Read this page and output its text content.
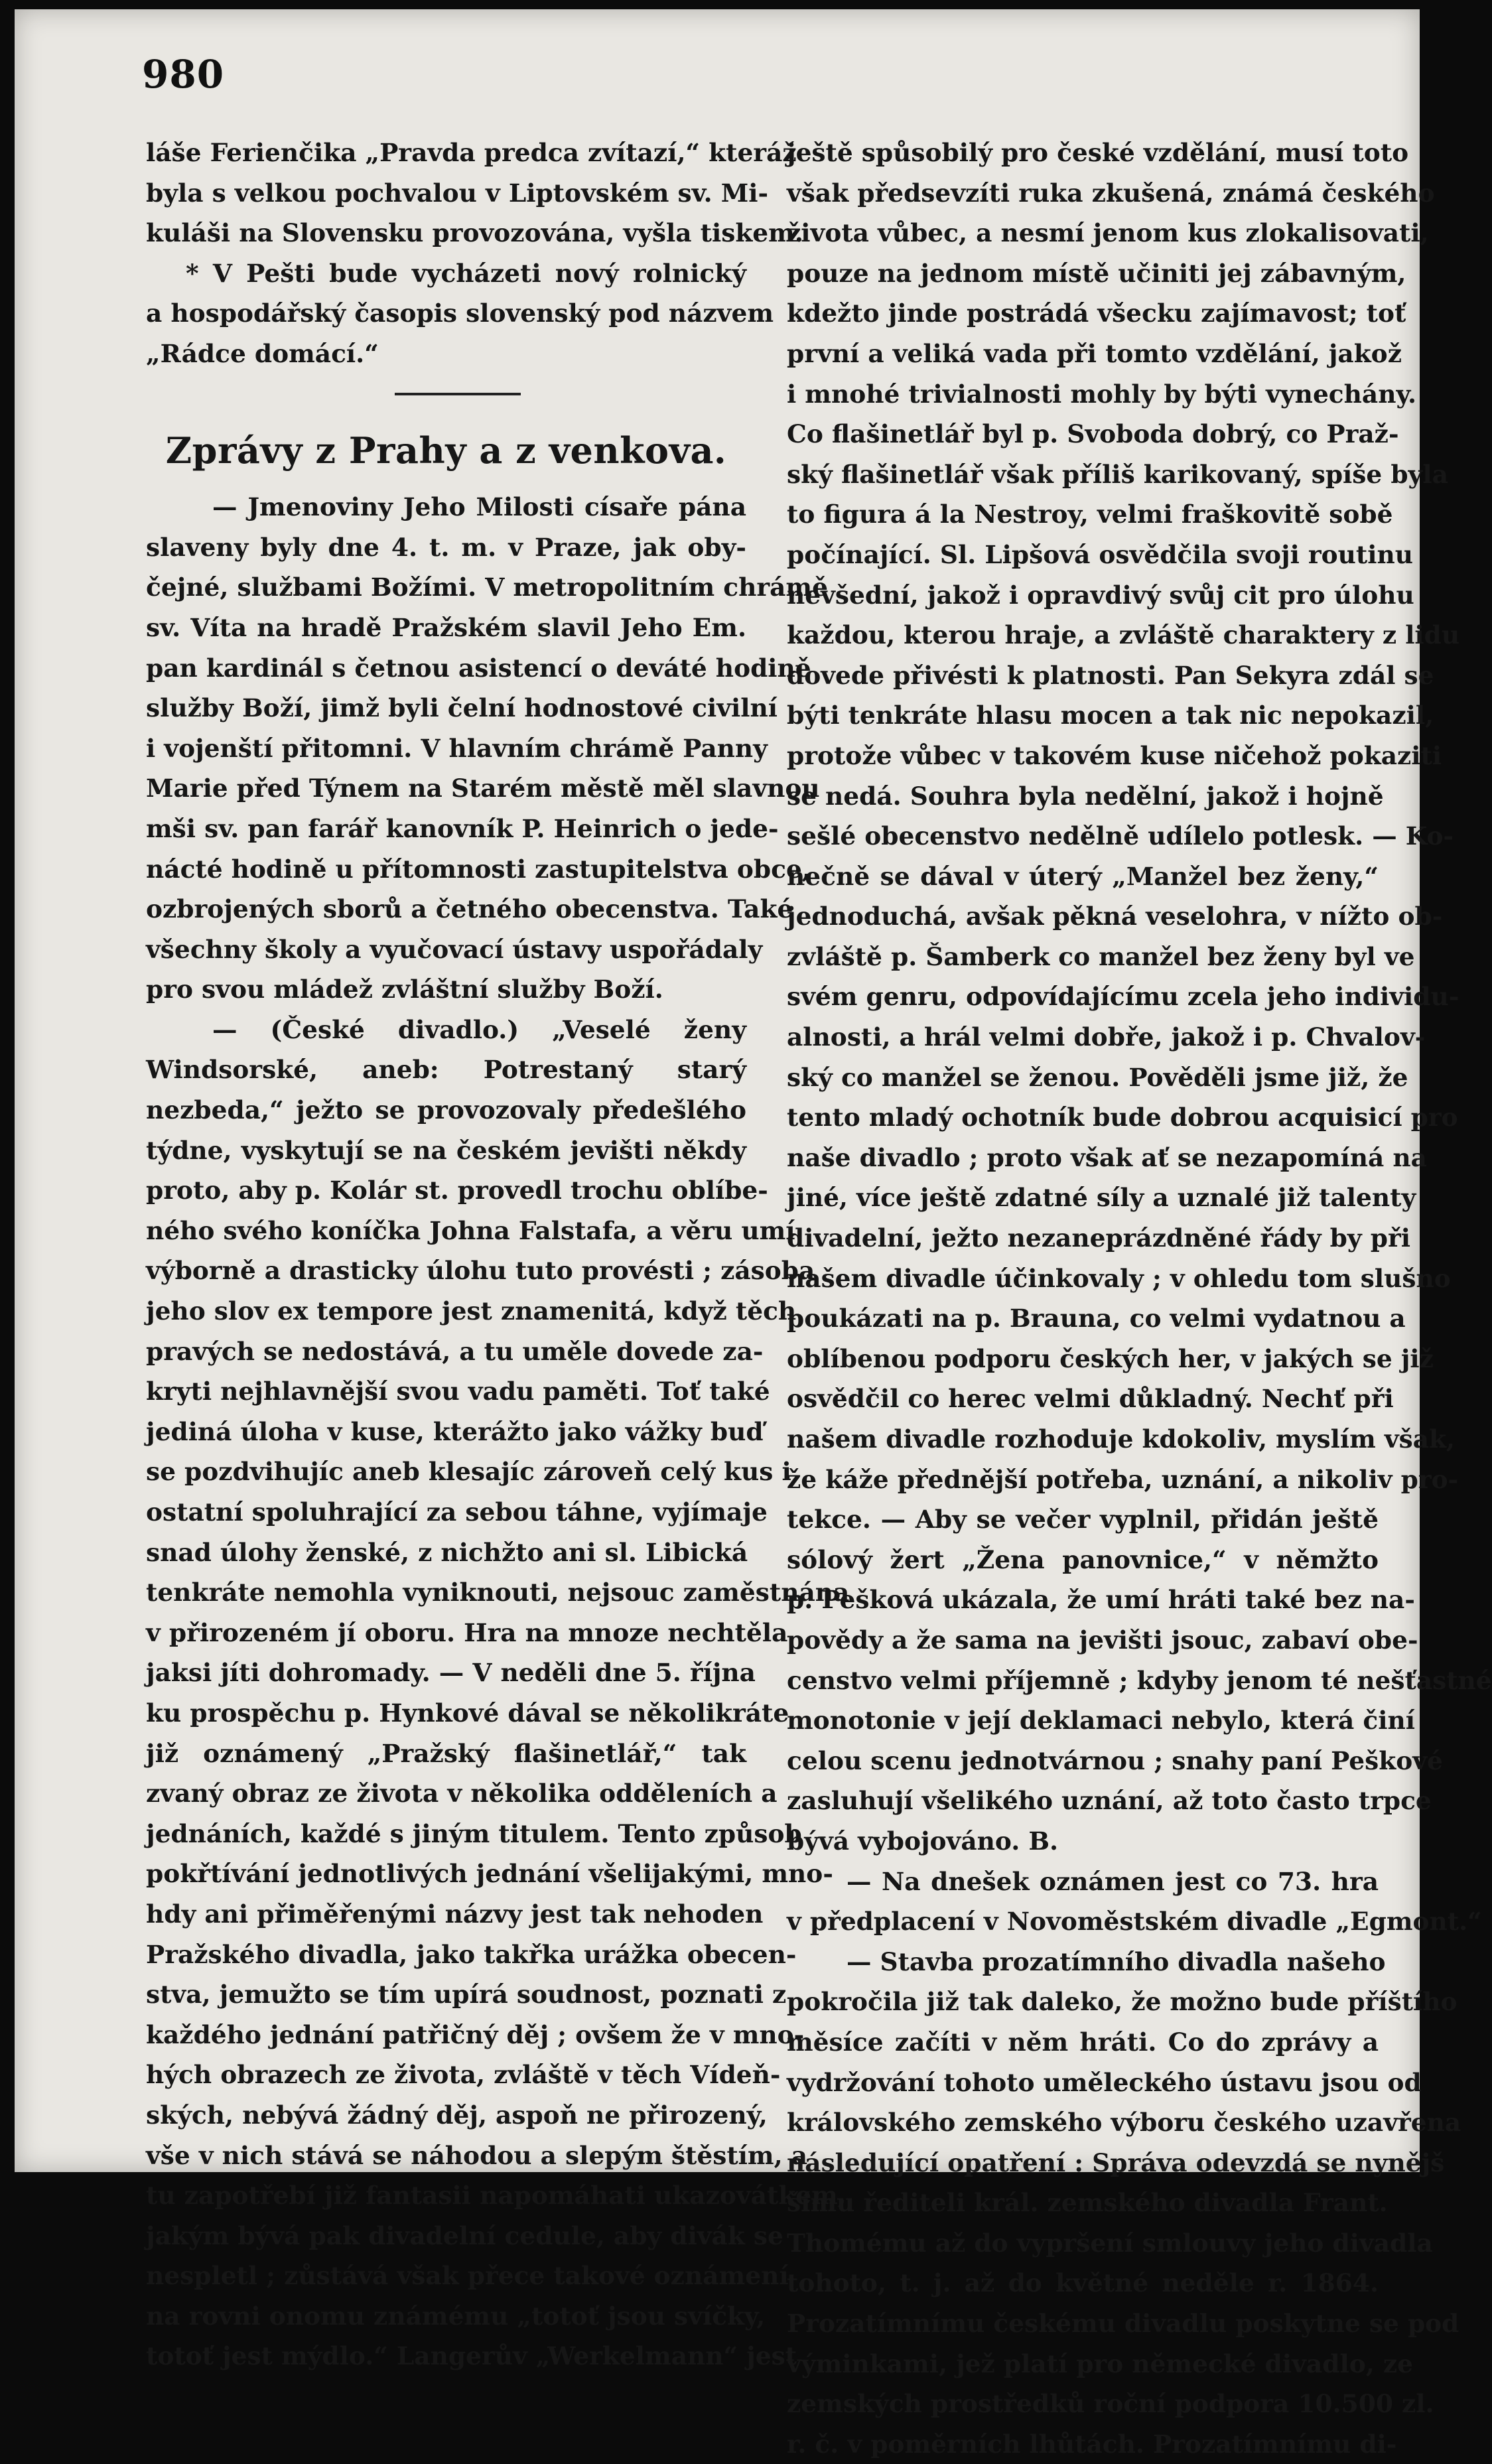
980
láše Ferienčika „Pravda predca zvítazí,“ kteráž
byla s velkou pochvalou v Liptovském sv. Mi-
kuláši na Slovensku provozována, vyšla tiskem.
* V Pešti bude vycházeti nový rolnický
a hospodářský časopis slovenský pod názvem
„Rádce domácí.“
Zprávy z Prahy a z venkova.
— Jmenoviny Jeho Milosti císaře pána
slaveny byly dne 4. t. m. v Praze, jak oby-
čejné, službami Božími. V metropolitním chrámě
sv. Víta na hradě Pražském slavil Jeho Em.
pan kardinál s četnou asistencí o deváté hodině
služby Boží, jimž byli čelní hodnostové civilní
i vojenští přitomni. V hlavním chrámě Panny
Marie před Týnem na Starém městě měl slavnou
mši sv. pan farář kanovník P. Heinrich o jede-
nácté hodině u přítomnosti zastupitelstva obce,
ozbrojených sborů a četného obecenstva. Také
všechny školy a vyučovací ústavy uspořádaly
pro svou mládež zvláštní služby Boží.
— (České divadlo.) „Veselé ženy
Windsorské, aneb: Potrestaný starý
nezbeda,“ ježto se provozovaly předešlého
týdne, vyskytují se na českém jevišti někdy
proto, aby p. Kolár st. provedl trochu oblíbe-
ného svého koníčka Johna Falstafa, a věru umí
výborně a drasticky úlohu tuto provésti ; zásoba
jeho slov ex tempore jest znamenitá, když těch
pravých se nedostává, a tu uměle dovede za-
kryti nejhlavnější svou vadu paměti. Toť také
jediná úloha v kuse, kterážto jako vážky buď
se pozdvihujíc aneb klesajíc zároveň celý kus i
ostatní spoluhrající za sebou táhne, vyjímaje
snad úlohy ženské, z nichžto ani sl. Libická
tenkráte nemohla vyniknouti, nejsouc zaměstnána
v přirozeném jí oboru. Hra na mnoze nechtěla
jaksi jíti dohromady. — V neděli dne 5. října
ku prospěchu p. Hynkové dával se několikráte
již oznámený „Pražský flašinetlář,“ tak
zvaný obraz ze života v několika odděleních a
jednáních, každé s jiným titulem. Tento způsob
pokřtívání jednotlivých jednání všelijakými, mno-
hdy ani přiměřenými názvy jest tak nehoden
Pražského divadla, jako takřka urážka obecen-
stva, jemužto se tím upírá soudnost, poznati z
každého jednání patřičný děj ; ovšem že v mno-
hých obrazech ze života, zvláště v těch Vídeň-
ských, nebývá žádný děj, aspoň ne přirozený,
vše v nich stává se náhodou a slepým štěstím, a
tu zapotřebí již fantasii napomáhati ukazovátkem,
jakým bývá pak divadelní cedule, aby divák se
nespletl ; zůstává však přece takové oznámení
na rovni onomu známému „totoť jsou svíčky,
totoť jest mýdlo.“ Langerův „Werkelmann“ jest
ještě spůsobilý pro české vzdělání, musí toto
však předsevzíti ruka zkušená, známá českého
života vůbec, a nesmí jenom kus zlokalisovati,
pouze na jednom místě učiniti jej zábavným,
kdežto jinde postrádá všecku zajímavost; toť
první a veliká vada při tomto vzdělání, jakož
i mnohé trivialnosti mohly by býti vynechány.
Co flašinetlář byl p. Svoboda dobrý, co Praž-
ský flašinetlář však příliš karikovaný, spíše byla
to figura á la Nestroy, velmi fraškovitě sobě
počínající. Sl. Lipšová osvědčila svoji routinu
nevšední, jakož i opravdivý svůj cit pro úlohu
každou, kterou hraje, a zvláště charaktery z lidu
dovede přivésti k platnosti. Pan Sekyra zdál se
býti tenkráte hlasu mocen a tak nic nepokazil,
protože vůbec v takovém kuse ničehož pokaziti
se nedá. Souhra byla nedělní, jakož i hojně
sešlé obecenstvo nedělně udílelo potlesk. — Ko-
nečně se dával v úterý „Manžel bez ženy,“
jednoduchá, avšak pěkná veselohra, v nížto ob-
zvláště p. Šamberk co manžel bez ženy byl ve
svém genru, odpovídajícímu zcela jeho individu-
alnosti, a hrál velmi dobře, jakož i p. Chvalov-
ský co manžel se ženou. Pověděli jsme již, že
tento mladý ochotník bude dobrou acquisicí pro
naše divadlo ; proto však ať se nezapomíná na
jiné, více ještě zdatné síly a uznalé již talenty
divadelní, ježto nezaneprázdněné řády by při
našem divadle účinkovaly ; v ohledu tom slušno
poukázati na p. Brauna, co velmi vydatnou a
oblíbenou podporu českých her, v jakých se již
osvědčil co herec velmi důkladný. Nechť při
našem divadle rozhoduje kdokoliv, myslím však,
že káže přednější potřeba, uznání, a nikoliv pro-
tekce. — Aby se večer vyplnil, přidán ještě
sólový žert „Žena panovnice,“ v němžto
p. Pešková ukázala, že umí hráti také bez na-
povědy a že sama na jevišti jsouc, zabaví obe-
censtvo velmi příjemně ; kdyby jenom té nešťastné
monotonie v její deklamaci nebylo, která činí
celou scenu jednotvárnou ; snahy paní Peškové
zasluhují všelikého uznání, až toto často trpce
bývá vybojováno. B.
— Na dnešek oznámen jest co 73. hra
v předplacení v Novoměstském divadle „Egmont.“
— Stavba prozatímního divadla našeho
pokročila již tak daleko, že možno bude příštího
měsíce začíti v něm hráti. Co do zprávy a
vydržování tohoto uměleckého ústavu jsou od
královského zemského výboru českého uzavřena
následující opatření : Správa odevzdá se nynějš
šímu řediteli král. zemského divadla Frant.
Thomému až do vypršení smlouvy jeho divadla
tohoto, t. j. až do květné neděle r. 1864.
Prozatímnímu českému divadlu poskytne se pod
výminkami, jež platí pro německé divadlo, ze
zemských prostředků roční podpora 10.500 zl.
r. č. v poměrních lhůtách. Prozatímnímu di-
